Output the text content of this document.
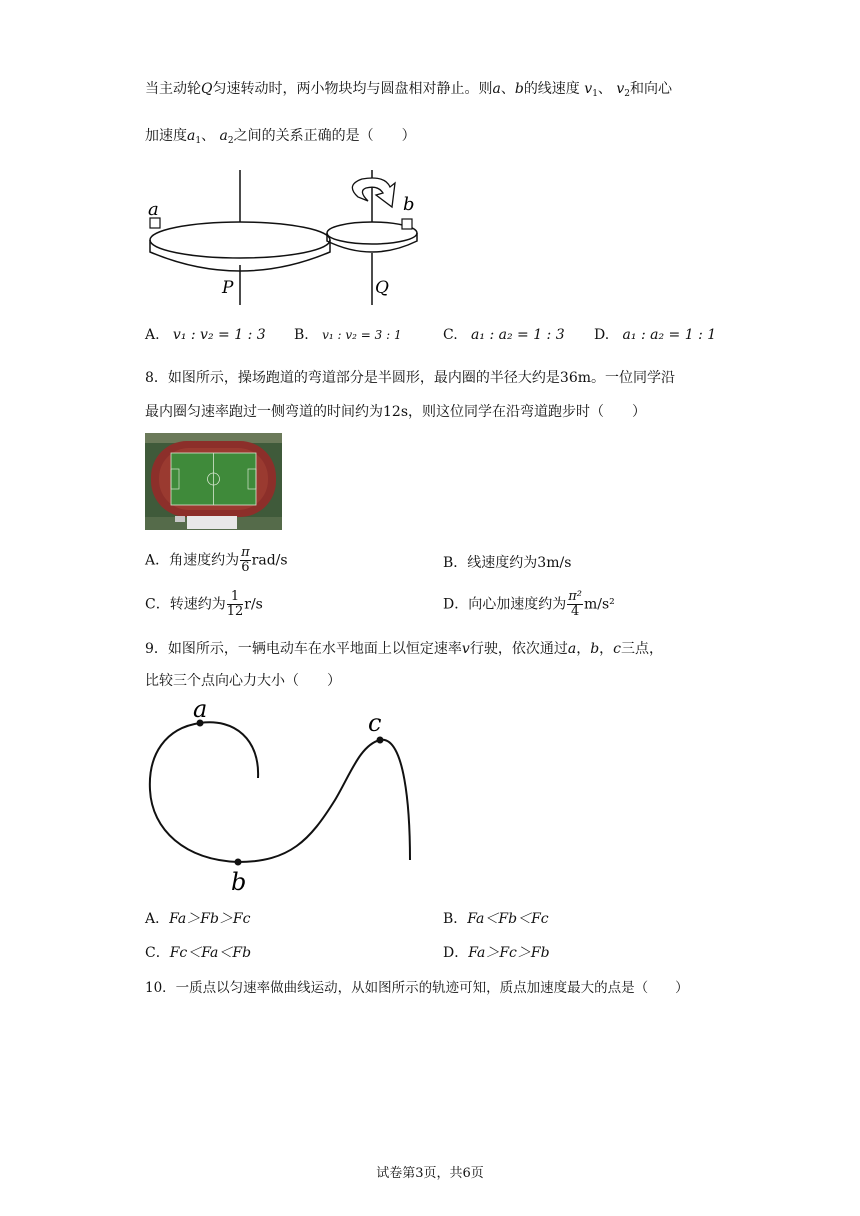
当主动轮Q匀速转动时，两小物块均与圆盘相对静止。则a、b的线速度 $v_1$、 $v_2$和向心
加速度$a_1$、 $a_2$之间的关系正确的是（　　）
a
P
b
Q
A. v₁ : v₂ = 1 : 3 B. v₁ : v₂ = 3 : 1	C. a₁ : a₂ = 1 : 3 D. a₁ : a₂ = 1 : 1
8．如图所示，操场跑道的弯道部分是半圆形，最内圈的半径大约是36m。一位同学沿
最内圈匀速率跑过一侧弯道的时间约为12s，则这位同学在沿弯道跑步时（　　）
A．角速度约为 $\frac{\pi}{6} rad/s$	B．线速度约为3m/s
C．转速约为 $\frac{1}{12} r/s$	D．向心加速度约为 $\frac{\text{π²}}{4} m/s^2$
9．如图所示，一辆电动车在水平地面上以恒定速率v行驶，依次通过a，b，c三点，
比较三个点向心力大小（　　）
a
b
c
A．Fa＞Fb＞Fc	B．Fa＜Fb＜Fc
C．Fc＜Fa＜Fb	D．Fa＞Fc＞Fb
10．一质点以匀速率做曲线运动，从如图所示的轨迹可知，质点加速度最大的点是（　　）
试卷第3页，共6页
